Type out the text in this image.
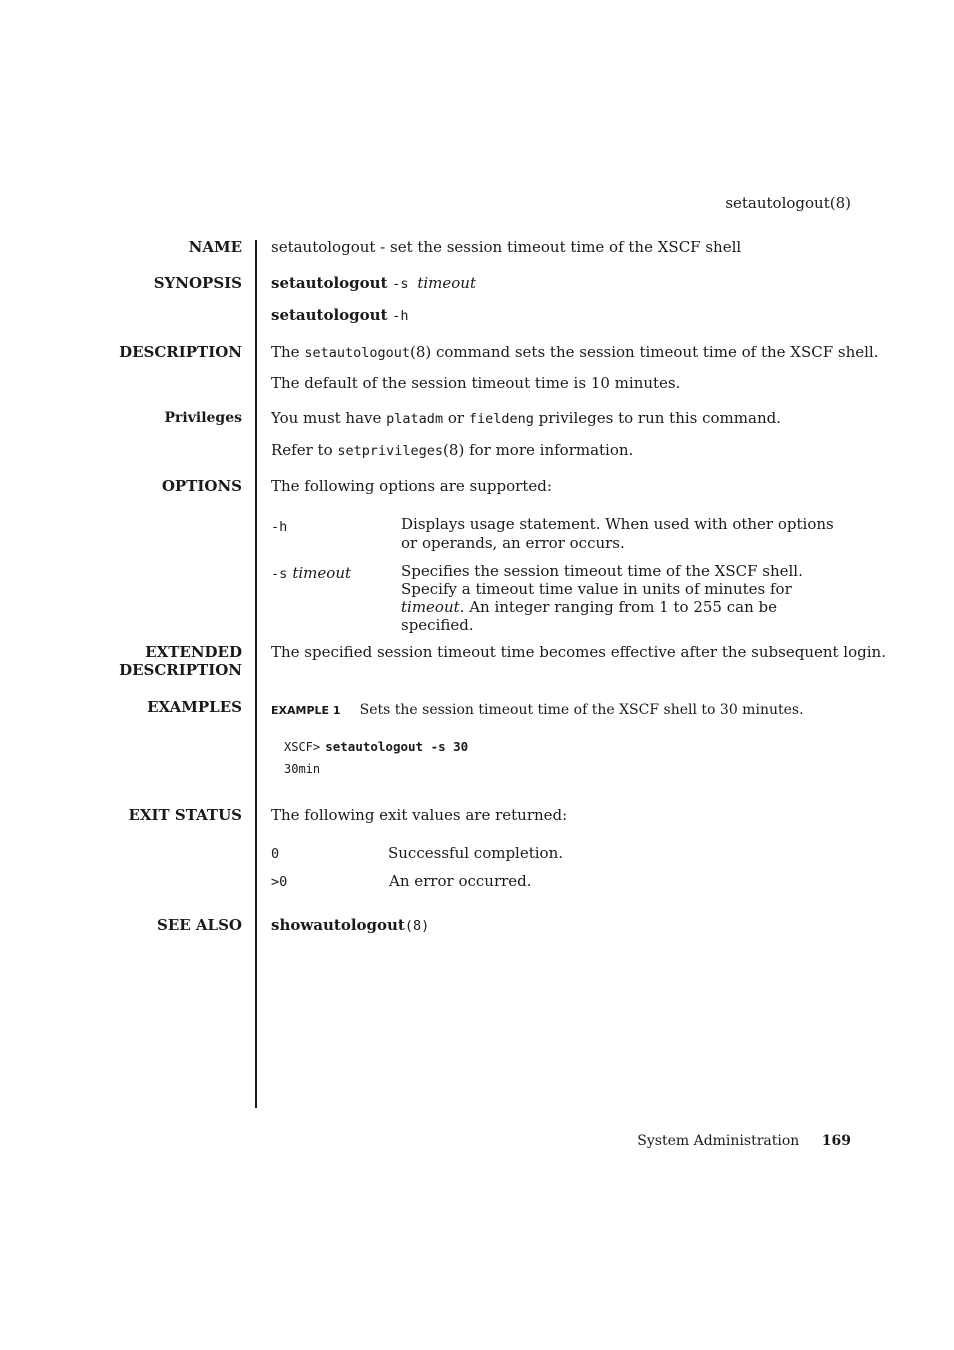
setautologout(8)
NAME setautologout - set the session timeout time of the XSCF shell
SYNOPSIS setautologout -s timeout
setautologout -h
DESCRIPTION The setautologout(8) command sets the session timeout time of the XSCF shell.
The default of the session timeout time is 10 minutes.
Privileges You must have platadm or fieldeng privileges to run this command.
Refer to setprivileges(8) for more information.
OPTIONS The following options are supported:
-h	Displays usage statement. When used with other options or operands, an error occurs.
-s timeout	Specifies the session timeout time of the XSCF shell. Specify a timeout time value in units of minutes for timeout. An integer ranging from 1 to 255 can be specified.
EXTENDED
DESCRIPTION
The specified session timeout time becomes effective after the subsequent login.
EXAMPLES	EXAMPLE 1 Sets the session timeout time of the XSCF shell to 30 minutes.
XSCF> setautologout -s 30
30min
EXIT STATUS The following exit values are returned:
0	Successful completion.
>0	An error occurred.
SEE ALSO showautologout(8)
System Administration 169
